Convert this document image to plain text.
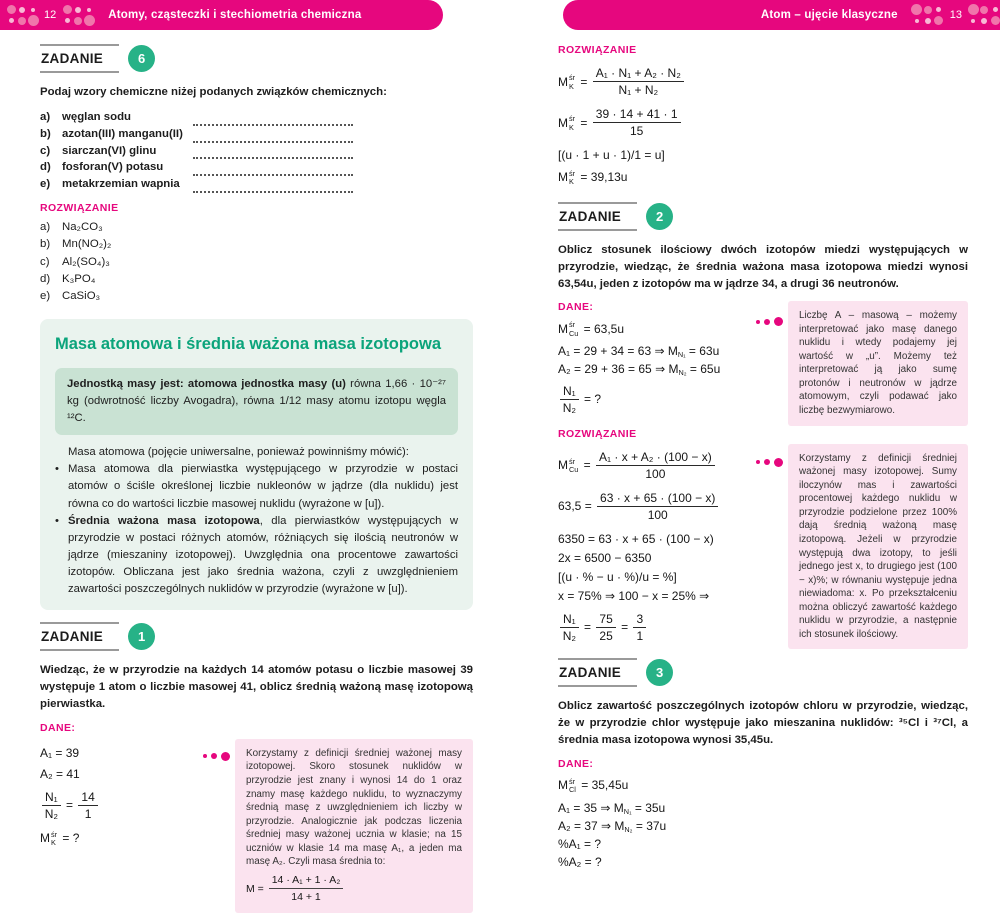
12	Atomy, cząsteczki i stechiometria chemiczna	Atom – ujęcie klasyczne	13
ZADANIE	6

Podaj wzory chemiczne niżej podanych związków chemicznych:

a)	węglan sodu
b) azotan(III) manganu(II)
c)	siarczan(VI) glinu
d) fosforan(V) potasu
e)	metakrzemian wapnia
ROZWIĄZANIE
a)	Na₂CO₃
b)	Mn(NO₂)₂
c)	Al₂(SO₄)₃
d)	K₃PO₄
e)	CaSiO₃
Masa atomowa i średnia ważona masa izotopowa
Jednostką masy jest: atomowa jednostka masy (u) równa 1,66 · 10⁻²⁷ kg (odwrotność liczby Avogadra), równa 1/12 masy atomu izotopu węgla ¹²C.

Masa atomowa (pojęcie uniwersalne, ponieważ powinniśmy mówić):

• Masa atomowa dla pierwiastka występującego w przyrodzie w postaci atomów o ściśle określonej liczbie nukleonów w jądrze (dla nuklidu) jest równa co do wartości liczbie masowej nuklidu (wyrażone w [u]).

• Średnia ważona masa izotopowa, dla pierwiastków występujących w przyrodzie w postaci różnych atomów, różniących się ilością neutronów w jądrze (mieszaniny izotopowej). Uwzględnia ona procentowe zawartości izotopów. Obliczana jest jako średnia ważona, czyli z uwzględnieniem zawartości poszczególnych nuklidów w przyrodzie (wyrażone w [u]).

ZADANIE	1

Wiedząc, że w przyrodzie na każdych 14 atomów potasu o liczbie masowej 39 występuje 1 atom o liczbie masowej 41, oblicz średnią ważoną masę izotopową pierwiastka.

DANE:
A₁ = 39
A₂ = 41
$\frac{\text{N₁}}{\text{N₂}} = \frac{14}{1}$
M śr
K = ?
Korzystamy z definicji średniej ważonej masy izotopowej. Skoro stosunek nuklidów w przyrodzie jest znany i wynosi 14 do 1 oraz znamy masę każdego nuklidu, to wyznaczymy średnią masę z uwzględnieniem ich liczby w przyrodzie. Analogicznie jak podczas liczenia średniej masy ważonej ucznia w klasie; na 15 uczniów w klasie 14 ma masę A₁, a jeden ma masę A₂. Czyli masa średnia to:
$M = \frac{\text{14 · A₁ + 1 · A₂}}{14 + 1}$
ROZWIĄZANIE
M śr
$K = \frac{\text{A₁ · N₁ + A₂ · N₂}}{\text{N₁ + N₂}}$
M śr
$K = \frac{39 \cdot 14 + 41 \cdot 1}{15}$
[(u · 1 + u · 1)/1 = u]
M śr
K = 39,13u
ZADANIE	2

Oblicz stosunek ilościowy dwóch izotopów miedzi występujących w przyrodzie, wiedząc, że średnia ważona masa izotopowa miedzi wynosi 63,54u, jeden z izotopów ma w jądrze 34, a drugi 36 neutronów.

DANE:
M śr
Cu = 63,5u
A₁ = 29 + 34 = 63 ⇒ M N₁ = 63u
A₂ = 29 + 36 = 65 ⇒ M N₂ = 65u
$\frac{\text{N₁}}{\text{N₂}}$ = ?
Liczbę A – masową – możemy interpretować jako masę danego nuklidu i wtedy podajemy jej wartość w „u”. Możemy też interpretować ją jako sumę protonów i neutronów w jądrze atomowym, czyli podawać jako liczbę bezwymiarowo.
ROZWIĄZANIE
M śr
$Cu = \frac{\text{A₁ · x + A₂ · (100 − x)}}{100}$
$63,5 = \frac{63 \cdot x + 65 \cdot (100 - x)}{100}$
6350 = 63 · x + 65 · (100 − x)
2x = 6500 − 6350
[(u · % − u · %)/u = %]
x = 75% ⇒ 100 − x = 25% ⇒
$\frac{\text{N₁}}{\text{N₂}} = \frac{75}{25} = \frac{3}{1}$
Korzystamy z definicji średniej ważonej masy izotopowej. Sumy iloczynów mas i zawartości procentowej każdego nuklidu w przyrodzie podzielone przez 100% dają średnią ważoną masę izotopową. Jeżeli w przyrodzie występują dwa izotopy, to jeśli jednego jest x, to drugiego jest (100 − x)%; w równaniu występuje jedna niewiadoma: x. Po przekształceniu można obliczyć zawartość każdego nuklidu w przyrodzie, a następnie ich stosunek ilościowy.
ZADANIE	3

Oblicz zawartość poszczególnych izotopów chloru w przyrodzie, wiedząc, że w przyrodzie chlor występuje jako mieszanina nuklidów: ³⁵Cl i ³⁷Cl, a średnia masa izotopowa wynosi 35,45u.

DANE:
M śr
Cl = 35,45u
A₁ = 35 ⇒ M N₁ = 35u
A₂ = 37 ⇒ M N₂ = 37u
%A₁ = ?
%A₂ = ?
